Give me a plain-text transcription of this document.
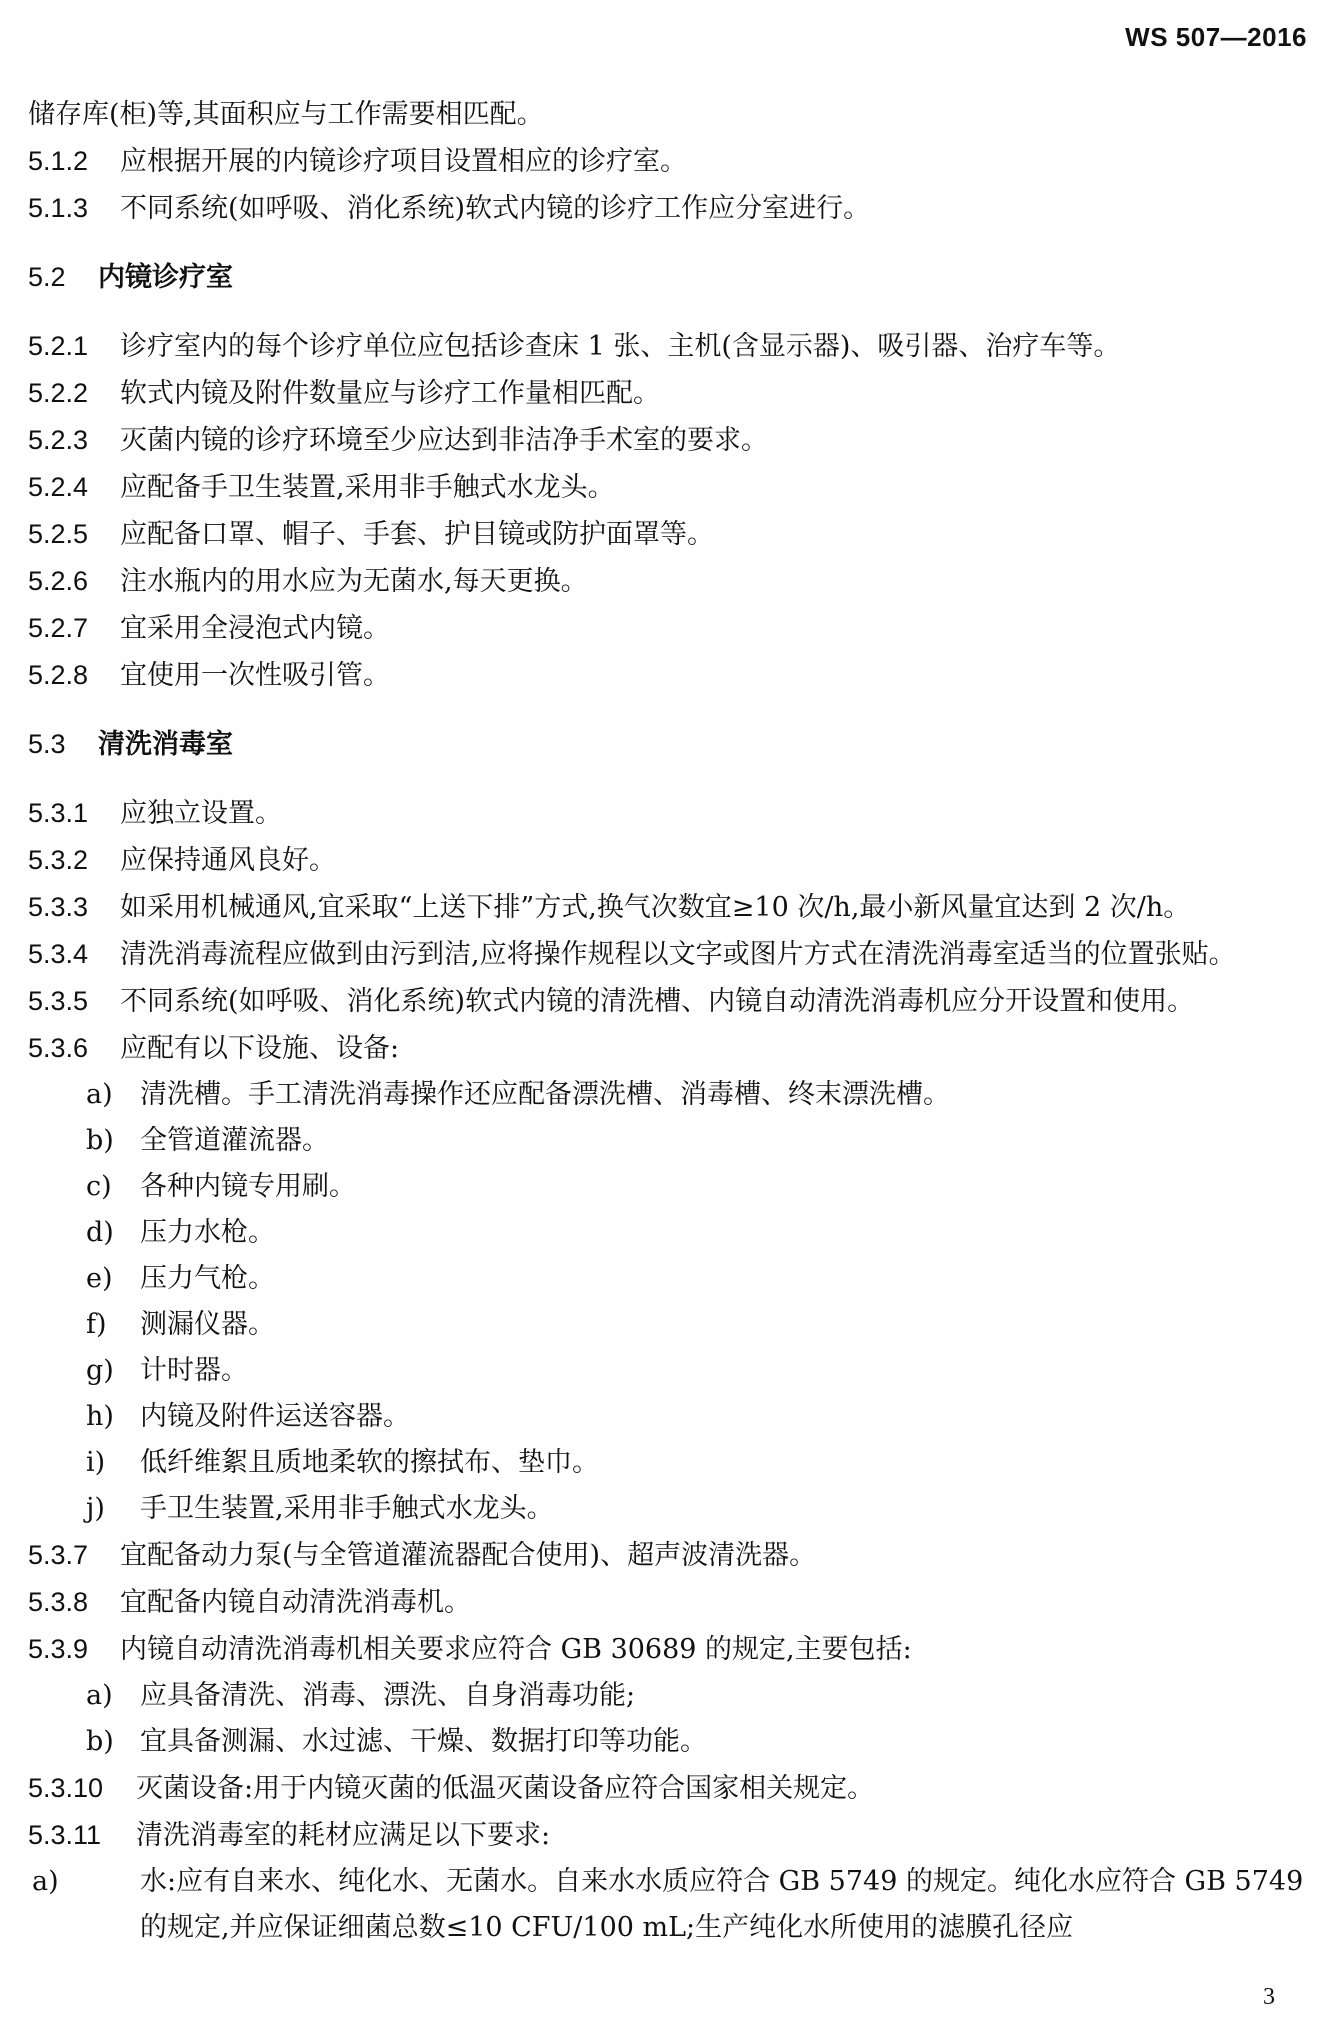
WS 507—2016

储存库(柜)等,其面积应与工作需要相匹配。

5.1.2 应根据开展的内镜诊疗项目设置相应的诊疗室。

5.1.3 不同系统(如呼吸、消化系统)软式内镜的诊疗工作应分室进行。

5.2 内镜诊疗室

5.2.1 诊疗室内的每个诊疗单位应包括诊查床 1 张、主机(含显示器)、吸引器、治疗车等。

5.2.2 软式内镜及附件数量应与诊疗工作量相匹配。

5.2.3 灭菌内镜的诊疗环境至少应达到非洁净手术室的要求。

5.2.4 应配备手卫生装置,采用非手触式水龙头。

5.2.5 应配备口罩、帽子、手套、护目镜或防护面罩等。

5.2.6 注水瓶内的用水应为无菌水,每天更换。

5.2.7 宜采用全浸泡式内镜。

5.2.8 宜使用一次性吸引管。

5.3 清洗消毒室

5.3.1 应独立设置。

5.3.2 应保持通风良好。

5.3.3 如采用机械通风,宜采取“上送下排”方式,换气次数宜≥10 次/h,最小新风量宜达到 2 次/h。

5.3.4 清洗消毒流程应做到由污到洁,应将操作规程以文字或图片方式在清洗消毒室适当的位置张贴。

5.3.5 不同系统(如呼吸、消化系统)软式内镜的清洗槽、内镜自动清洗消毒机应分开设置和使用。

5.3.6 应配有以下设施、设备:

a) 清洗槽。手工清洗消毒操作还应配备漂洗槽、消毒槽、终末漂洗槽。

b) 全管道灌流器。

c) 各种内镜专用刷。

d) 压力水枪。

e) 压力气枪。

f) 测漏仪器。

g) 计时器。

h) 内镜及附件运送容器。

i) 低纤维絮且质地柔软的擦拭布、垫巾。

j) 手卫生装置,采用非手触式水龙头。

5.3.7 宜配备动力泵(与全管道灌流器配合使用)、超声波清洗器。

5.3.8 宜配备内镜自动清洗消毒机。

5.3.9 内镜自动清洗消毒机相关要求应符合 GB 30689 的规定,主要包括:

a) 应具备清洗、消毒、漂洗、自身消毒功能;

b) 宜具备测漏、水过滤、干燥、数据打印等功能。

5.3.10 灭菌设备:用于内镜灭菌的低温灭菌设备应符合国家相关规定。

5.3.11 清洗消毒室的耗材应满足以下要求:

a)	水:应有自来水、纯化水、无菌水。自来水水质应符合 GB 5749 的规定。纯化水应符合 GB 5749 的规定,并应保证细菌总数≤10 CFU/100 mL;生产纯化水所使用的滤膜孔径应

3
